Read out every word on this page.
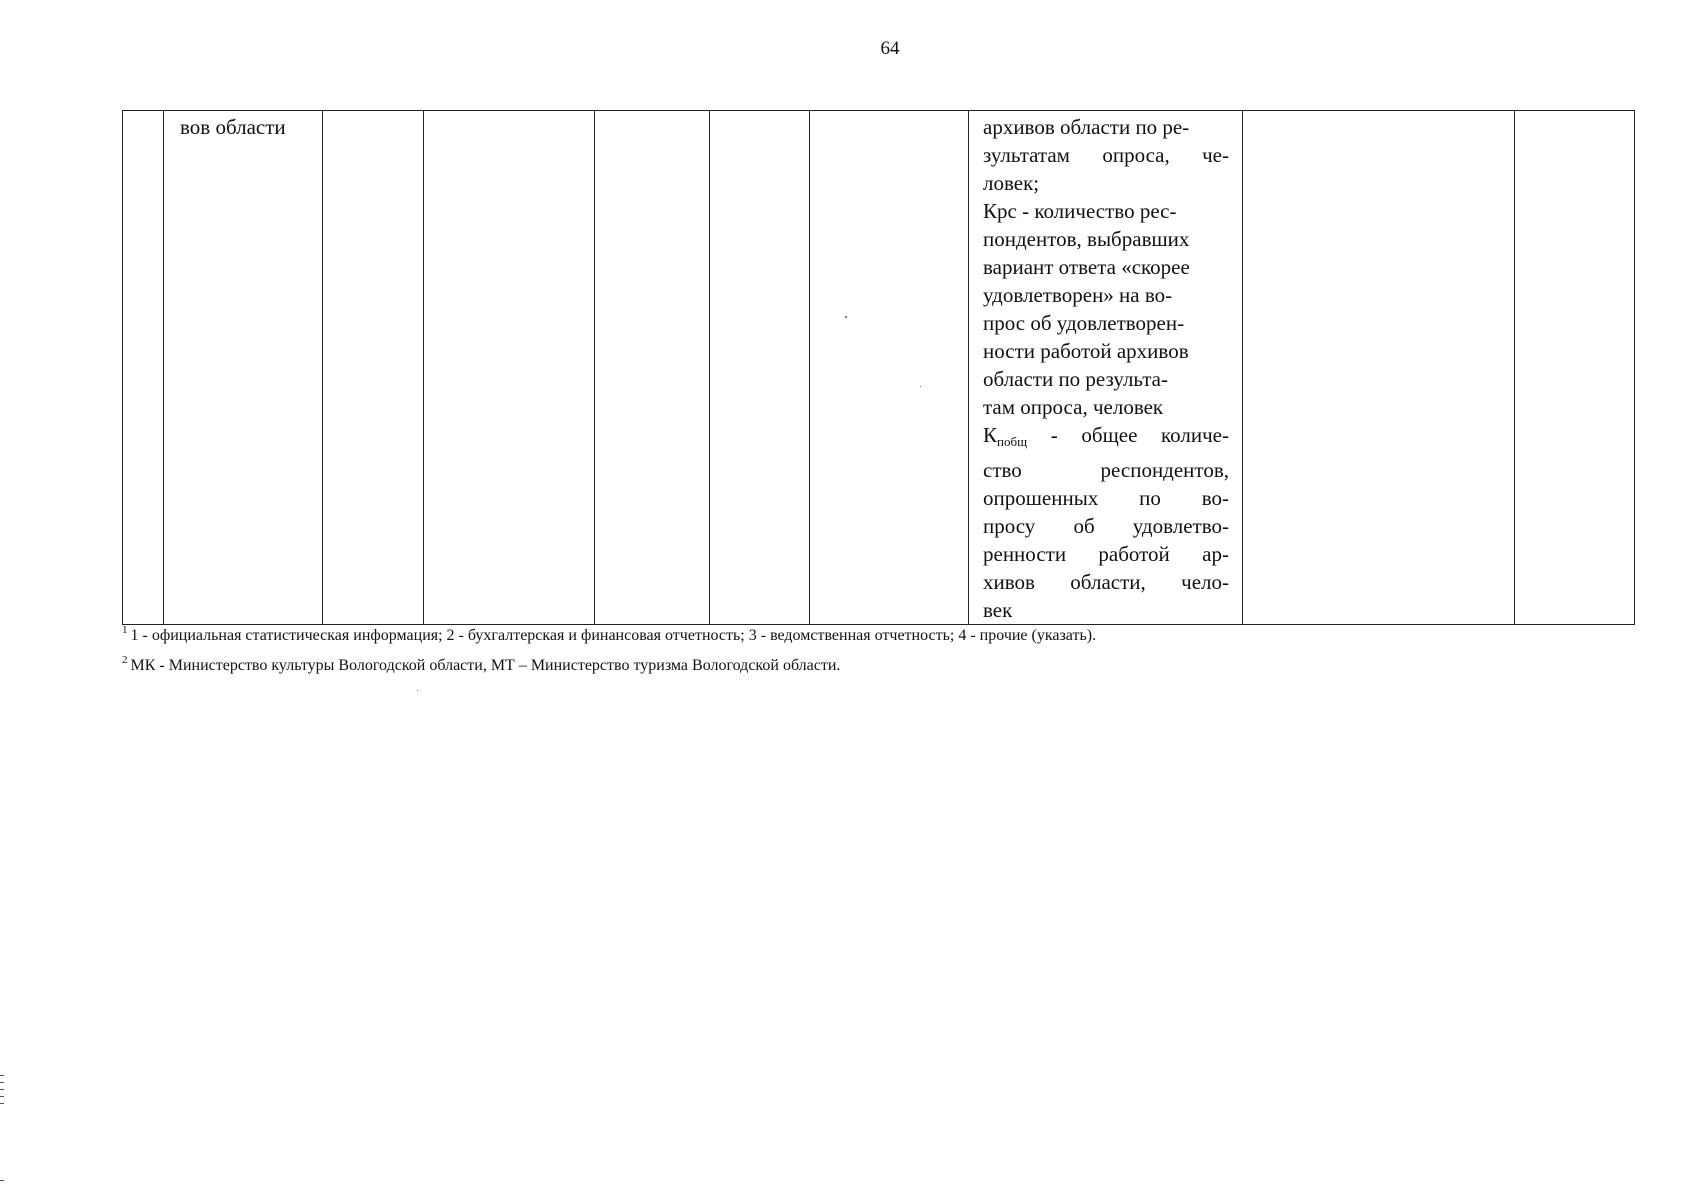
64
	вов области						архивов области по ре-
зультатам опроса, че-
ловек;
Крс - количество рес-
пондентов, выбравших
вариант ответа «скорее
удовлетворен» на во-
прос об удовлетворен-
ности работой архивов
области по результа-
там опроса, человек
$К_{побщ}$ - общее количе-
ство респондентов,
опрошенных по во-
просу об удовлетво-
ренности работой ар-
хивов области, чело-
век

$^1$ 1 - официальная статистическая информация; 2 - бухгалтерская и финансовая отчетность; 3 - ведомственная отчетность; 4 - прочие (указать).
$^2$ МК - Министерство культуры Вологодской области, МТ – Министерство туризма Вологодской области.
